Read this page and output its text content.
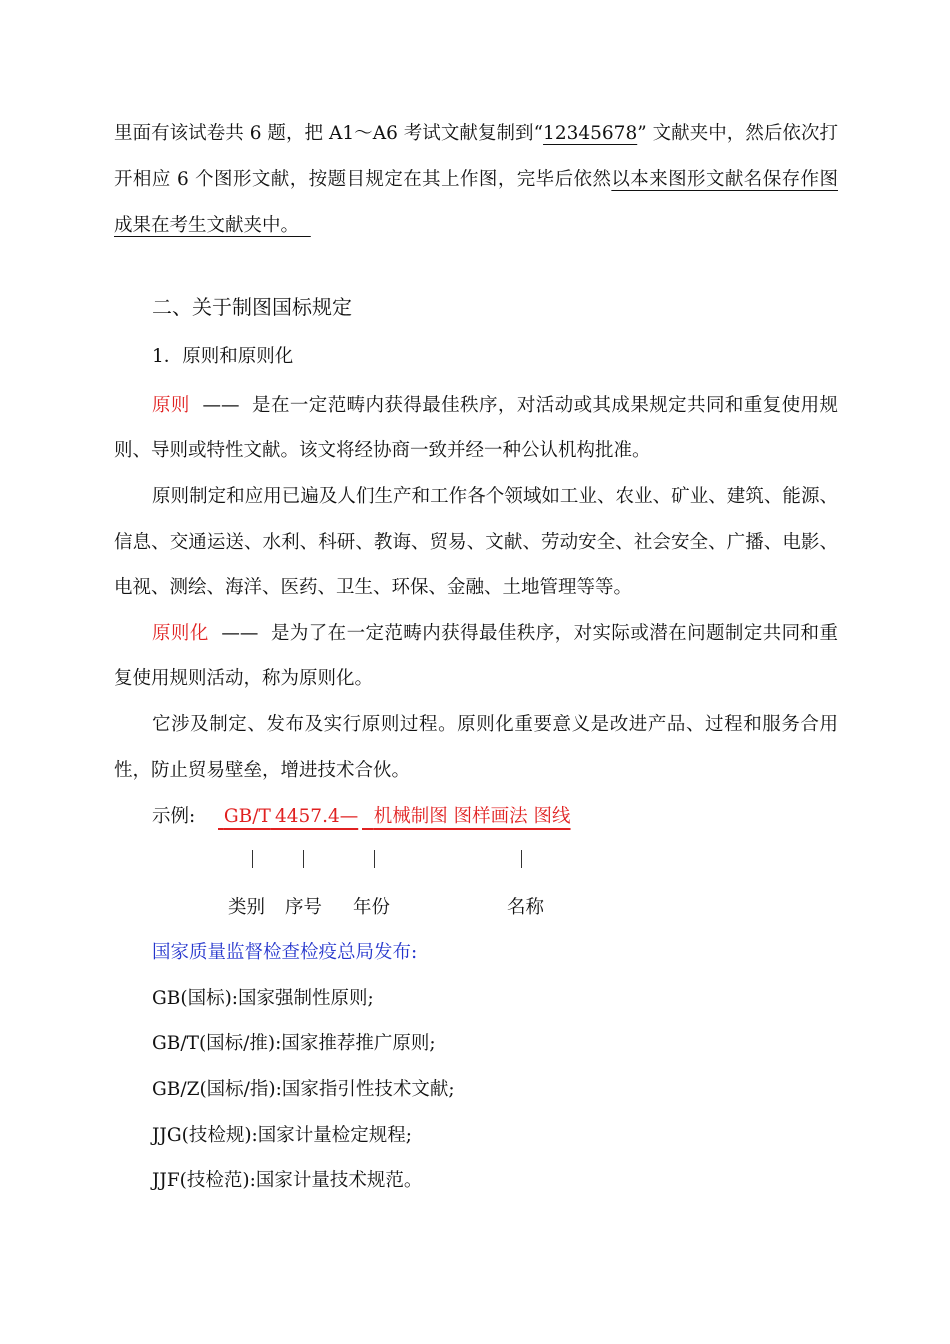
里面有该试卷共 6 题，把 A1～A6 考试文献复制到“12345678” 文献夹中，然后依次打
开相应 6 个图形文献，按题目规定在其上作图，完毕后依然以本来图形文献名保存作图
成果在考生文献夹中。
二、关于制图国标规定
1．原则和原则化
原则 —— 是在一定范畴内获得最佳秩序，对活动或其成果规定共同和重复使用规
则、导则或特性文献。该文将经协商一致并经一种公认机构批准。
原则制定和应用已遍及人们生产和工作各个领域如工业、农业、矿业、建筑、能源、
信息、交通运送、水利、科研、教诲、贸易、文献、劳动安全、社会安全、广播、电影、
电视、测绘、海洋、医药、卫生、环保、金融、土地管理等等。
原则化 —— 是为了在一定范畴内获得最佳秩序，对实际或潜在问题制定共同和重
复使用规则活动，称为原则化。
它涉及制定、发布及实行原则过程。原则化重要意义是改进产品、过程和服务合用
性，防止贸易壁垒，增进技术合伙。
示例:	GB/T 4457.4— 机械制图 图样画法 图线
类别 序号 年份	名称
国家质量监督检查检疫总局发布:
GB(国标):国家强制性原则;
GB/T(国标/推):国家推荐推广原则;
GB/Z(国标/指):国家指引性技术文献;
JJG(技检规):国家计量检定规程;
JJF(技检范):国家计量技术规范。
